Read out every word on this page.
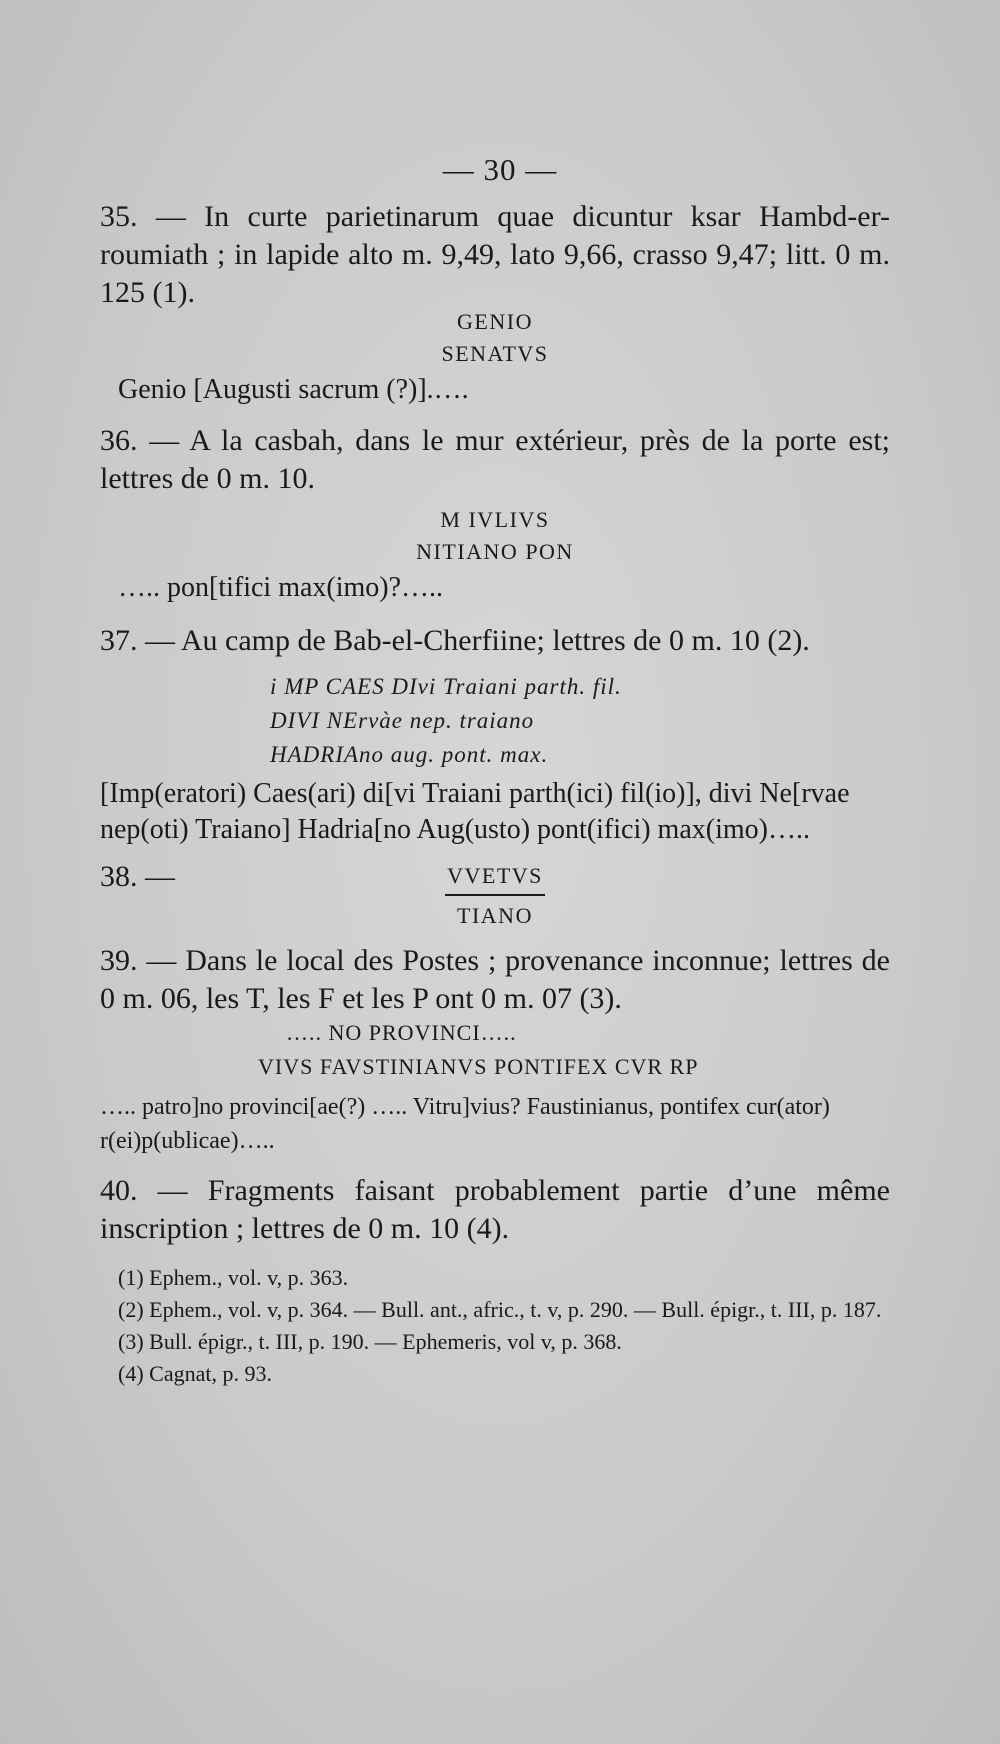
— 30 —

35. — In curte parietinarum quae dicuntur ksar Hambd-er-roumiath ; in lapide alto m. 9,49, lato 9,66, crasso 9,47; litt. 0 m. 125 (1).

GENIO
SENATVS

Genio [Augusti sacrum (?)].….

36. — A la casbah, dans le mur extérieur, près de la porte est; lettres de 0 m. 10.

M IVLIVS
NITIANO PON

….. pon[tifici max(imo)?…..

37. — Au camp de Bab-el-Cherfiine; lettres de 0 m. 10 (2).

i MP CAES DIvi Traiani parth. fil.
DIVI NErvàe nep. traiano
HADRIAno aug. pont. max.

[Imp(eratori) Caes(ari) di[vi Traiani parth(ici) fil(io)], divi Ne[rvae nep(oti) Traiano] Hadria[no Aug(usto) pont(ifici) max(imo)…..

38. —	VVETVS
TIANO

39. — Dans le local des Postes ; provenance inconnue; lettres de 0 m. 06, les T, les F et les P ont 0 m. 07 (3).

….. NO PROVINCI…..
VIVS FAVSTINIANVS PONTIFEX CVR RP

….. patro]no provinci[ae(?) ….. Vitru]vius? Faustinianus, pontifex cur(ator) r(ei)p(ublicae)…..

40. — Fragments faisant probablement partie d’une même inscription ; lettres de 0 m. 10 (4).

(1) Ephem., vol. v, p. 363.

(2) Ephem., vol. v, p. 364. — Bull. ant., afric., t. v, p. 290. — Bull. épigr., t. III, p. 187.

(3) Bull. épigr., t. III, p. 190. — Ephemeris, vol v, p. 368.

(4) Cagnat, p. 93.
